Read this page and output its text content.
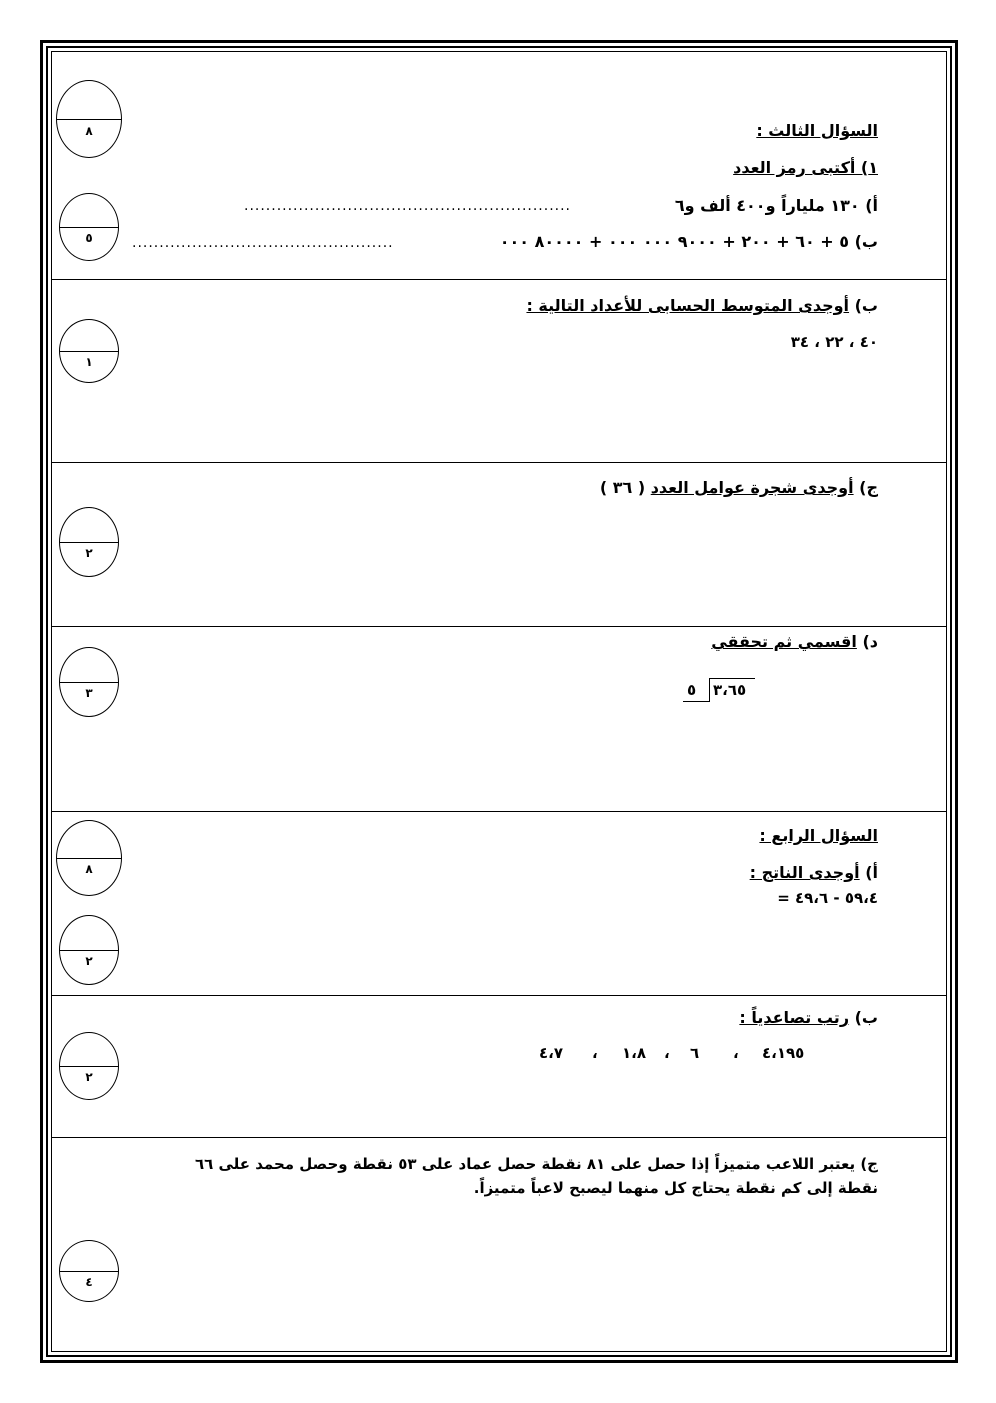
السؤال الثالث :
١) أكتبى رمز العدد
أ) ١٣٠ ملياراً و٤٠٠ ألف و٦
............................................................
ب) ٥ + ٦٠ + ٢٠٠ + ٩٠٠٠ ٠٠٠ ٠٠٠ + ٨٠٠٠٠ ٠٠٠
................................................
ب) أوجدى المتوسط الحسابى للأعداد التالية :
٤٠ ، ٢٢ ، ٣٤
ج) أوجدى شجرة عوامل العدد ( ٣٦ )
د) اقسمي ثم تحققي
٥ ٣،٦٥
السؤال الرابع :
أ) أوجدى الناتج :
٥٩،٤ - ٤٩،٦ =
ب) رتب تصاعدياً :
٤،١٩٥
،
٦
،
١،٨
،
٤،٧
ج) يعتبر اللاعب متميزاً إذا حصل على ٨١ نقطة حصل عماد على ٥٣ نقطة وحصل محمد على ٦٦
نقطة إلى كم نقطة يحتاج كل منهما ليصبح لاعباً متميزاً.
٨
٥
١
٢
٣
٨
٢
٢
٤
